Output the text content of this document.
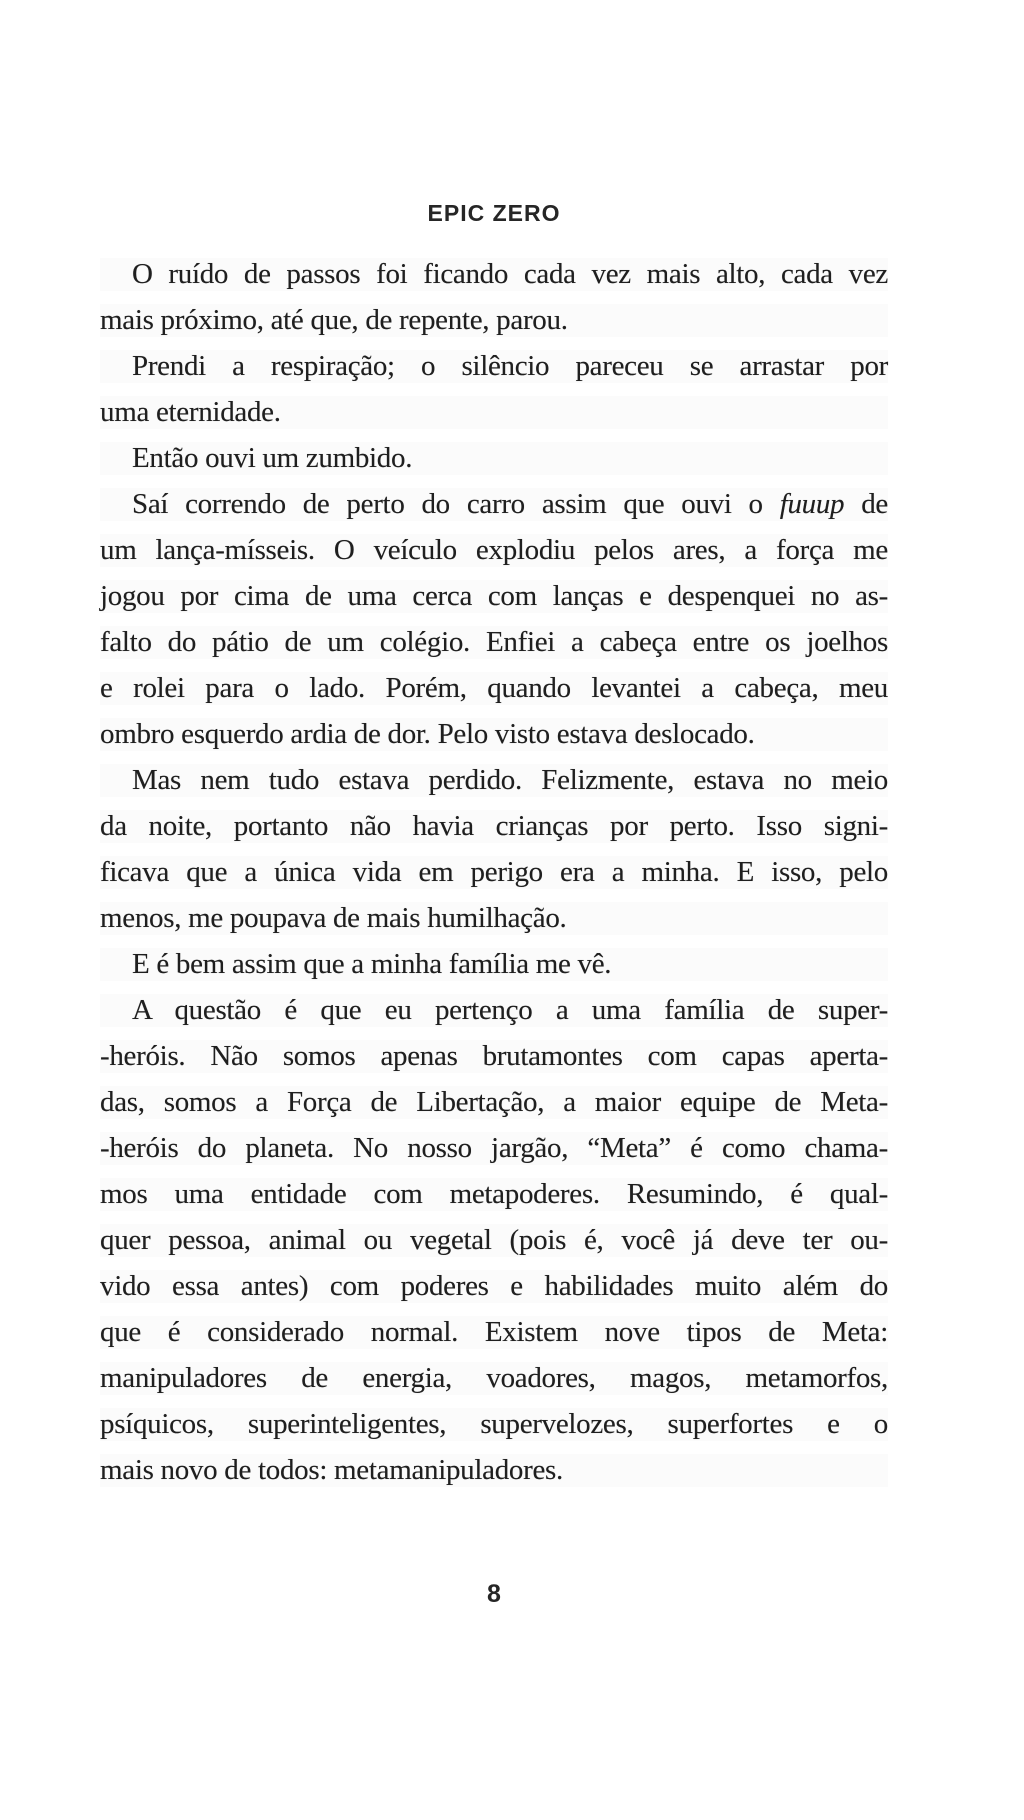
EPIC ZERO
O ruído de passos foi ficando cada vez mais alto, cada vez
mais próximo, até que, de repente, parou.
Prendi a respiração; o silêncio pareceu se arrastar por
uma eternidade.
Então ouvi um zumbido.
Saí correndo de perto do carro assim que ouvi o fuuup de
um lança-mísseis. O veículo explodiu pelos ares, a força me
jogou por cima de uma cerca com lanças e despenquei no as-
falto do pátio de um colégio. Enfiei a cabeça entre os joelhos
e rolei para o lado. Porém, quando levantei a cabeça, meu
ombro esquerdo ardia de dor. Pelo visto estava deslocado.
Mas nem tudo estava perdido. Felizmente, estava no meio
da noite, portanto não havia crianças por perto. Isso signi-
ficava que a única vida em perigo era a minha. E isso, pelo
menos, me poupava de mais humilhação.
E é bem assim que a minha família me vê.
A questão é que eu pertenço a uma família de super-
-heróis. Não somos apenas brutamontes com capas aperta-
das, somos a Força de Libertação, a maior equipe de Meta-
-heróis do planeta. No nosso jargão, “Meta” é como chama-
mos uma entidade com metapoderes. Resumindo, é qual-
quer pessoa, animal ou vegetal (pois é, você já deve ter ou-
vido essa antes) com poderes e habilidades muito além do
que é considerado normal. Existem nove tipos de Meta:
manipuladores de energia, voadores, magos, metamorfos,
psíquicos, superinteligentes, supervelozes, superfortes e o
mais novo de todos: metamanipuladores.
8
